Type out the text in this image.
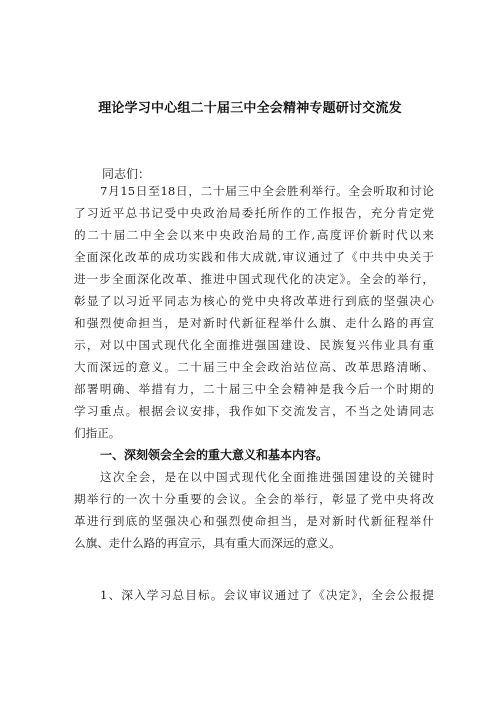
理论学习中心组二十届三中全会精神专题研讨交流发

同志们：

7月15日至18日，二十届三中全会胜利举行。全会听取和讨论

了习近平总书记受中央政治局委托所作的工作报告，充分肯定党

的二十届二中全会以来中央政治局的工作,高度评价新时代以来

全面深化改革的成功实践和伟大成就,审议通过了《中共中央关于

进一步全面深化改革、推进中国式现代化的决定》。全会的举行，

彰显了以习近平同志为核心的党中央将改革进行到底的坚强决心

和强烈使命担当，是对新时代新征程举什么旗、走什么路的再宣

示，对以中国式现代化全面推进强国建设、民族复兴伟业具有重

大而深远的意义。二十届三中全会政治站位高、改革思路清晰、

部署明确、举措有力，二十届三中全会精神是我今后一个时期的

学习重点。根据会议安排，我作如下交流发言，不当之处请同志

们指正。

一、深刻领会全会的重大意义和基本内容。

这次全会，是在以中国式现代化全面推进强国建设的关键时

期举行的一次十分重要的会议。全会的举行，彰显了党中央将改

革进行到底的坚强决心和强烈使命担当，是对新时代新征程举什

么旗、走什么路的再宣示，具有重大而深远的意义。

1、深入学习总目标。会议审议通过了《决定》，全会公报提
